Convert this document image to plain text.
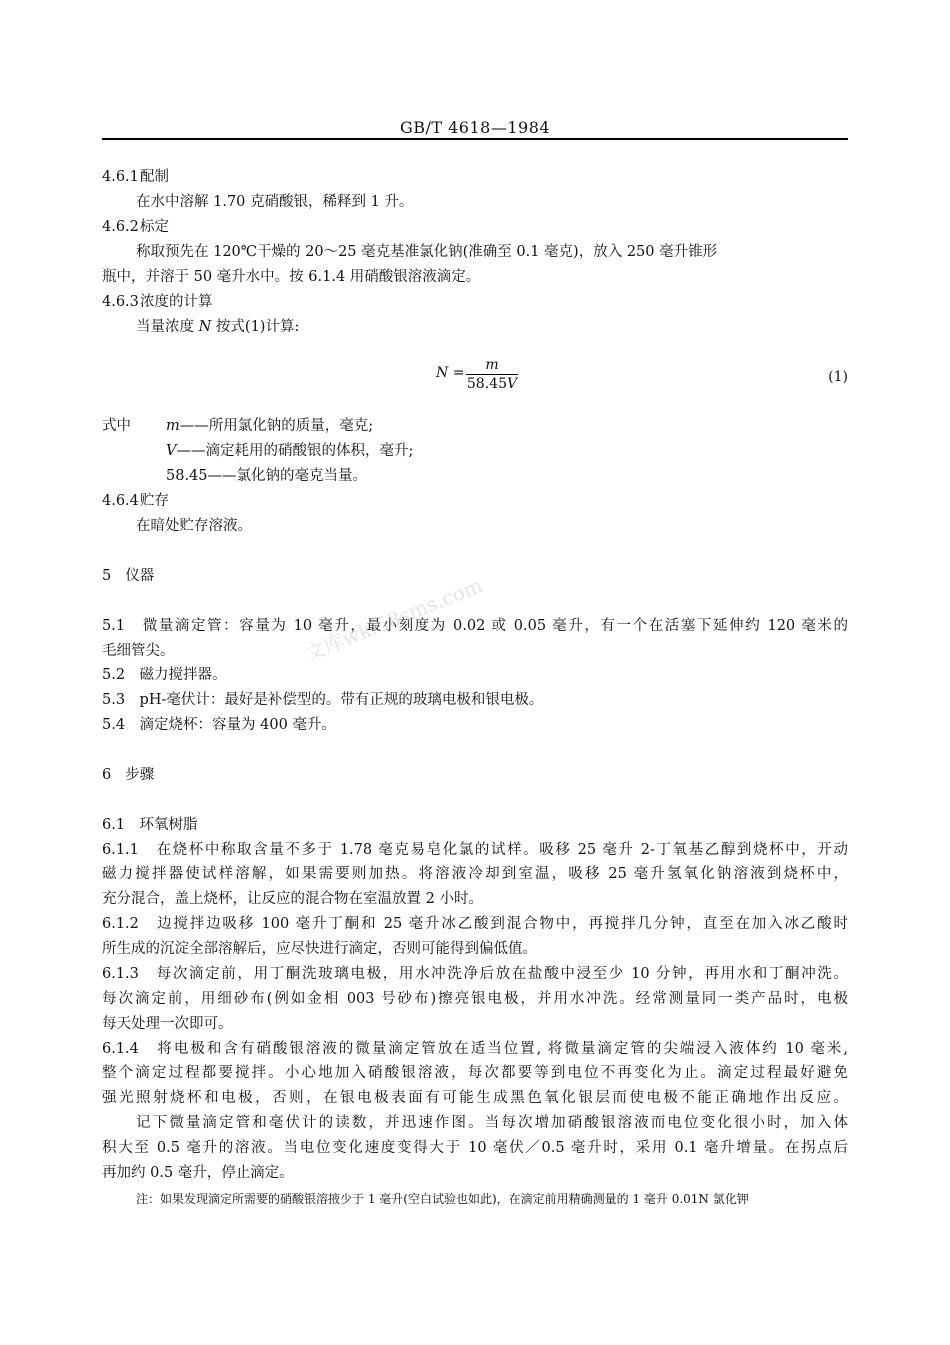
GB/T 4618—1984
4.6.1配制
在水中溶解 1.70 克硝酸银，稀释到 1 升。
4.6.2标定
称取预先在 120℃干燥的 20～25 毫克基准氯化钠(准确至 0.1 毫克)，放入 250 毫升锥形
瓶中，并溶于 50 毫升水中。按 6.1.4 用硝酸银溶液滴定。
4.6.3浓度的计算
当量浓度 N 按式(1)计算:
N =	m
58.45V	(1)
式中 m——所用氯化钠的质量，毫克;
V——滴定耗用的硝酸银的体积，毫升;
58.45——氯化钠的毫克当量。
4.6.4贮存
在暗处贮存溶液。
5 仪器
5.1　微量滴定管：容量为 10 毫升，最小刻度为 0.02 或 0.05 毫升，有一个在活塞下延伸约 120 毫米的
毛细管尖。
5.2　磁力搅拌器。
5.3　pH-毫伏计：最好是补偿型的。带有正规的玻璃电极和银电极。
5.4　滴定烧杯：容量为 400 毫升。
6 步骤
6.1　环氧树脂
6.1.1　在烧杯中称取含量不多于 1.78 毫克易皂化氯的试样。吸移 25 毫升 2-丁氧基乙醇到烧杯中，开动
磁力搅拌器使试样溶解，如果需要则加热。将溶液冷却到室温，吸移 25 毫升氢氧化钠溶液到烧杯中，
充分混合，盖上烧杯，让反应的混合物在室温放置 2 小时。
6.1.2　边搅拌边吸移 100 毫升丁酮和 25 毫升冰乙酸到混合物中，再搅拌几分钟，直至在加入冰乙酸时
所生成的沉淀全部溶解后，应尽快进行滴定，否则可能得到偏低值。
6.1.3　每次滴定前，用丁酮洗玻璃电极，用水冲洗净后放在盐酸中浸至少 10 分钟，再用水和丁酮冲洗。
每次滴定前，用细砂布(例如金相 003 号砂布)擦亮银电极，并用水冲洗。经常测量同一类产品时，电极
每天处理一次即可。
6.1.4　将电极和含有硝酸银溶液的微量滴定管放在适当位置, 将微量滴定管的尖端浸入液体约 10 毫米,
整个滴定过程都要搅拌。小心地加入硝酸银溶液，每次都要等到电位不再变化为止。滴定过程最好避免
强光照射烧杯和电极，否则，在银电极表面有可能生成黑色氧化银层而使电极不能正确地作出反应。
记下微量滴定管和毫伏计的读数，并迅速作图。当每次增加硝酸银溶液而电位变化很小时，加入体
积大至 0.5 毫升的溶液。当电位变化速度变得大于 10 毫伏／0.5 毫升时，采用 0.1 毫升增量。在拐点后
再加约 0.5 毫升，停止滴定。
注：如果发现滴定所需要的硝酸银溶掖少于 1 毫升(空白试验也如此)，在滴定前用精确测量的 1 毫升 0.01N 氯化钾
文库wk.58sms.com
